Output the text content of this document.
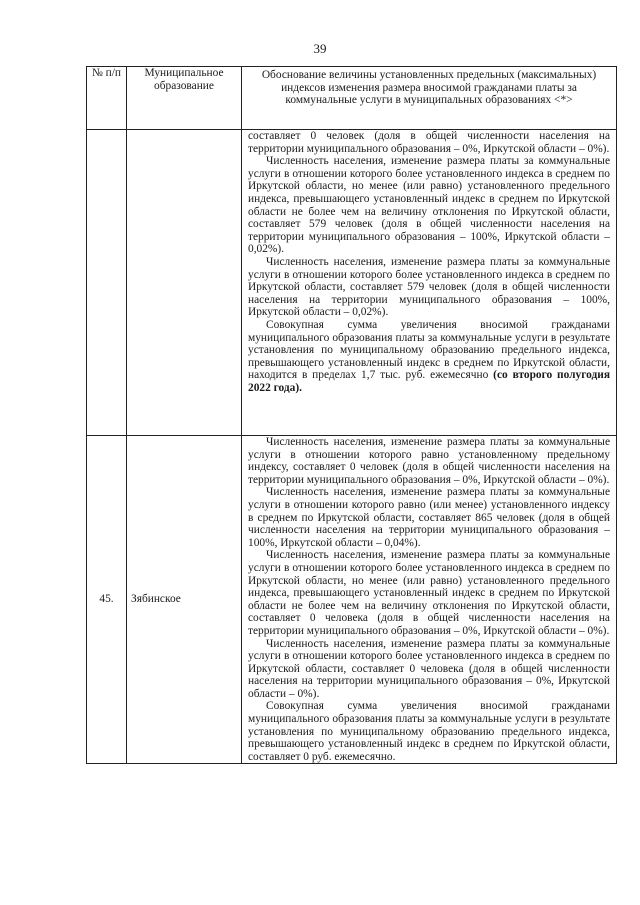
39
№ п/п	Муниципальное образование	Обоснование величины установленных предельных (максимальных) индексов изменения размера вносимой гражданами платы за коммунальные услуги в муниципальных образованиях <*>

		составляет 0 человек (доля в общей численности населения на территории муниципального образования – 0%, Иркутской области – 0%).

Численность населения, изменение размера платы за коммунальные услуги в отношении которого более установленного индекса в среднем по Иркутской области, но менее (или равно) установленного предельного индекса, превышающего установленный индекс в среднем по Иркутской области не более чем на величину отклонения по Иркутской области, составляет 579 человек (доля в общей численности населения на территории муниципального образования – 100%, Иркутской области – 0,02%).

Численность населения, изменение размера платы за коммунальные услуги в отношении которого более установленного индекса в среднем по Иркутской области, составляет 579 человек (доля в общей численности населения на территории муниципального образования – 100%, Иркутской области – 0,02%).

Совокупная сумма увеличения вносимой гражданами муниципального образования платы за коммунальные услуги в результате установления по муниципальному образованию предельного индекса, превышающего установленный индекс в среднем по Иркутской области, находится в пределах 1,7 тыс. руб. ежемесячно (со второго полугодия 2022 года).

45.	Зябинское	Численность населения, изменение размера платы за коммунальные услуги в отношении которого равно установленному предельному индексу, составляет 0 человек (доля в общей численности населения на территории муниципального образования – 0%, Иркутской области – 0%).

Численность населения, изменение размера платы за коммунальные услуги в отношении которого равно (или менее) установленного индексу в среднем по Иркутской области, составляет 865 человек (доля в общей численности населения на территории муниципального образования – 100%, Иркутской области – 0,04%).

Численность населения, изменение размера платы за коммунальные услуги в отношении которого более установленного индекса в среднем по Иркутской области, но менее (или равно) установленного предельного индекса, превышающего установленный индекс в среднем по Иркутской области не более чем на величину отклонения по Иркутской области, составляет 0 человека (доля в общей численности населения на территории муниципального образования – 0%, Иркутской области – 0%).

Численность населения, изменение размера платы за коммунальные услуги в отношении которого более установленного индекса в среднем по Иркутской области, составляет 0 человека (доля в общей численности населения на территории муниципального образования – 0%, Иркутской области – 0%).

Совокупная сумма увеличения вносимой гражданами муниципального образования платы за коммунальные услуги в результате установления по муниципальному образованию предельного индекса, превышающего установленный индекс в среднем по Иркутской области, составляет 0 руб. ежемесячно.
